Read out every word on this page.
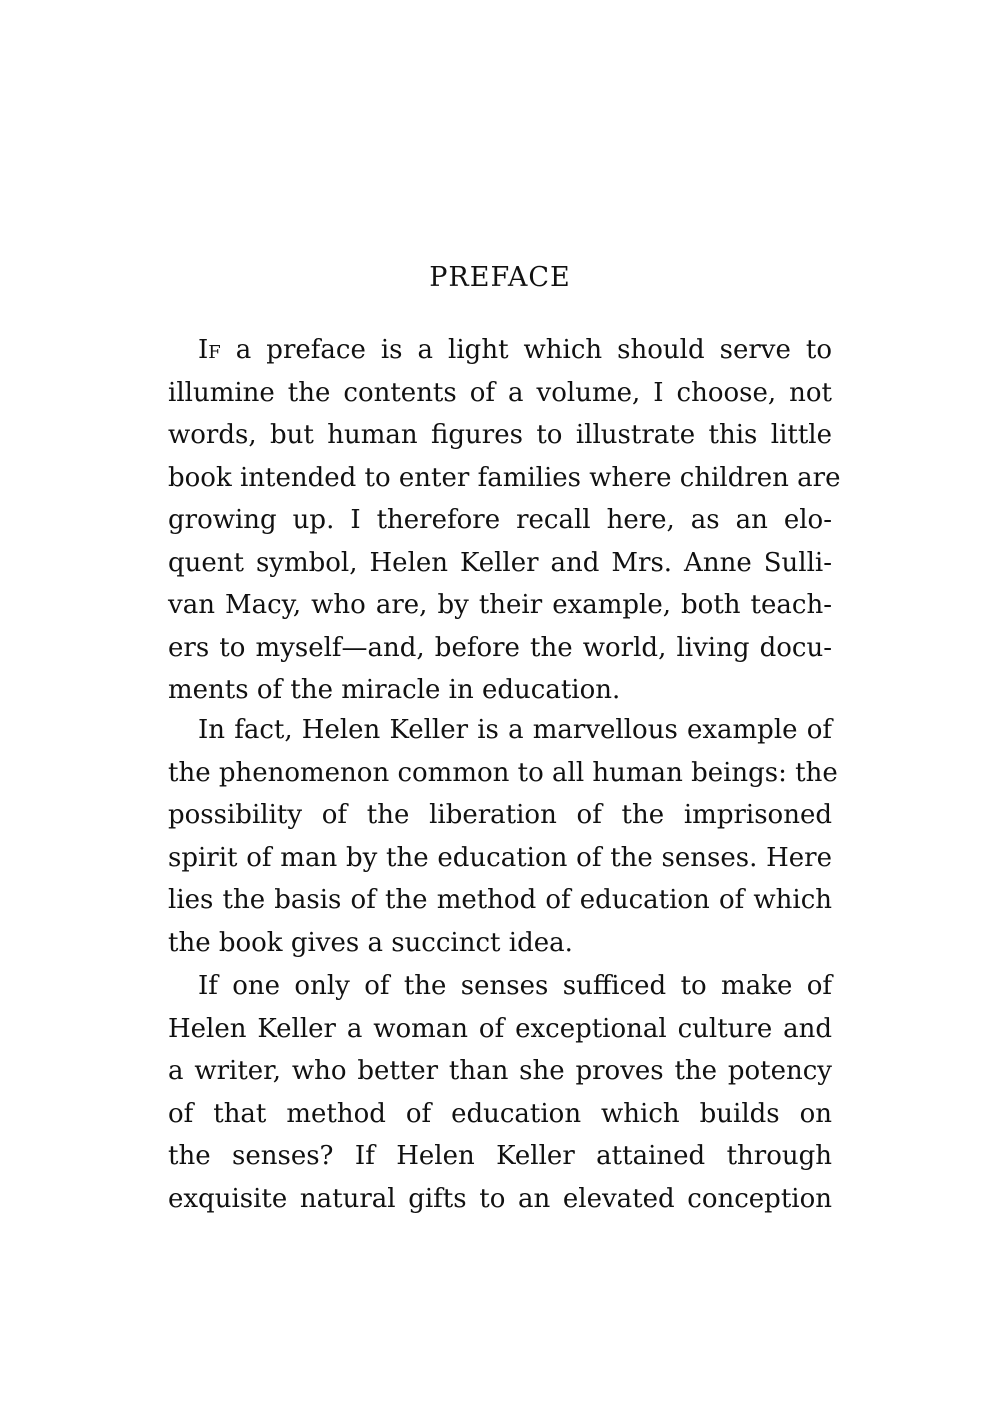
PREFACE
If a preface is a light which should serve to
illumine the contents of a volume, I choose, not
words, but human figures to illustrate this little
book intended to enter families where children are
growing up. I therefore recall here, as an elo-
quent symbol, Helen Keller and Mrs. Anne Sulli-
van Macy, who are, by their example, both teach-
ers to myself—and, before the world, living docu-
ments of the miracle in education.
In fact, Helen Keller is a marvellous example of
the phenomenon common to all human beings: the
possibility of the liberation of the imprisoned
spirit of man by the education of the senses. Here
lies the basis of the method of education of which
the book gives a succinct idea.
If one only of the senses sufficed to make of
Helen Keller a woman of exceptional culture and
a writer, who better than she proves the potency
of that method of education which builds on
the senses? If Helen Keller attained through
exquisite natural gifts to an elevated conception
